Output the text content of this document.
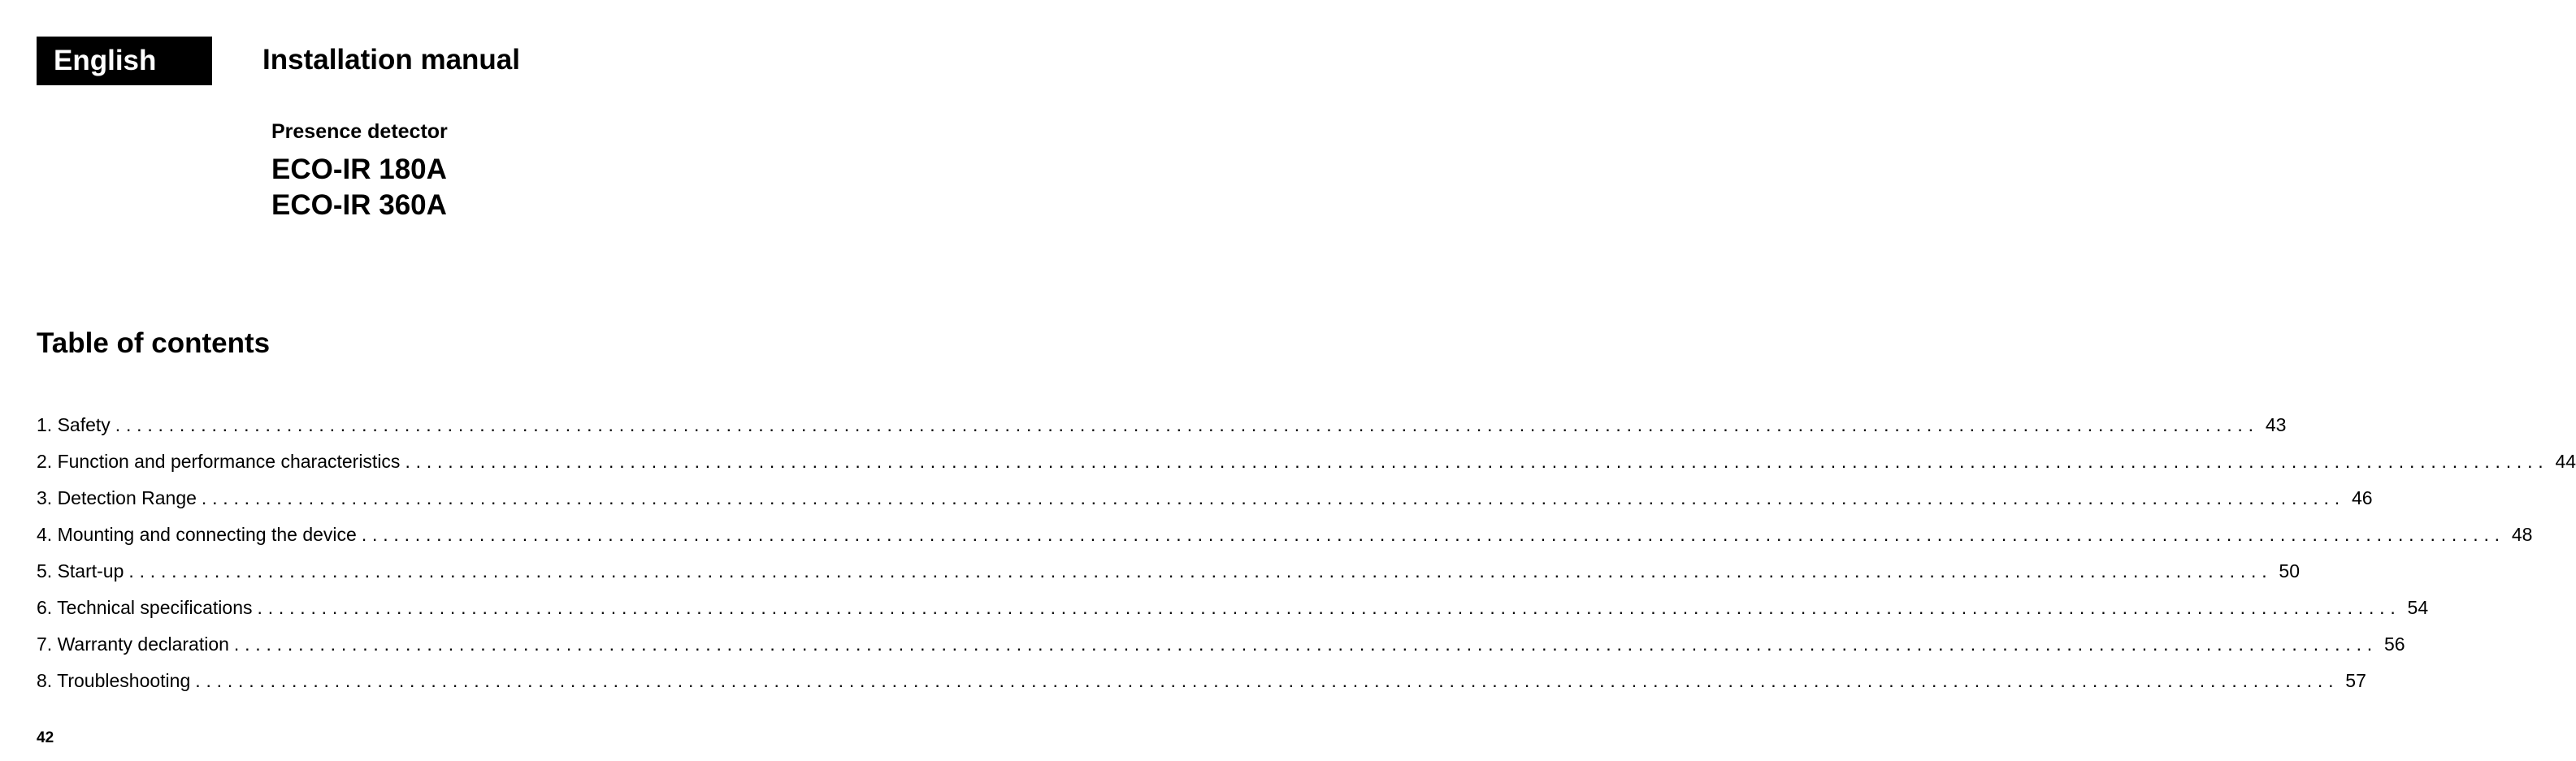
English	Installation manual
Presence detector
ECO-IR 180A
ECO-IR 360A
Table of contents
1. Safety ........................................................................................................................................................................................................ 43
2. Function and performance characteristics ........................................................................................................................................................................................................ 44
3. Detection Range ........................................................................................................................................................................................................ 46
4. Mounting and connecting the device ........................................................................................................................................................................................................ 48
5. Start-up ........................................................................................................................................................................................................ 50
6. Technical specifications ........................................................................................................................................................................................................ 54
7. Warranty declaration ........................................................................................................................................................................................................ 56
8. Troubleshooting ........................................................................................................................................................................................................ 57
42
